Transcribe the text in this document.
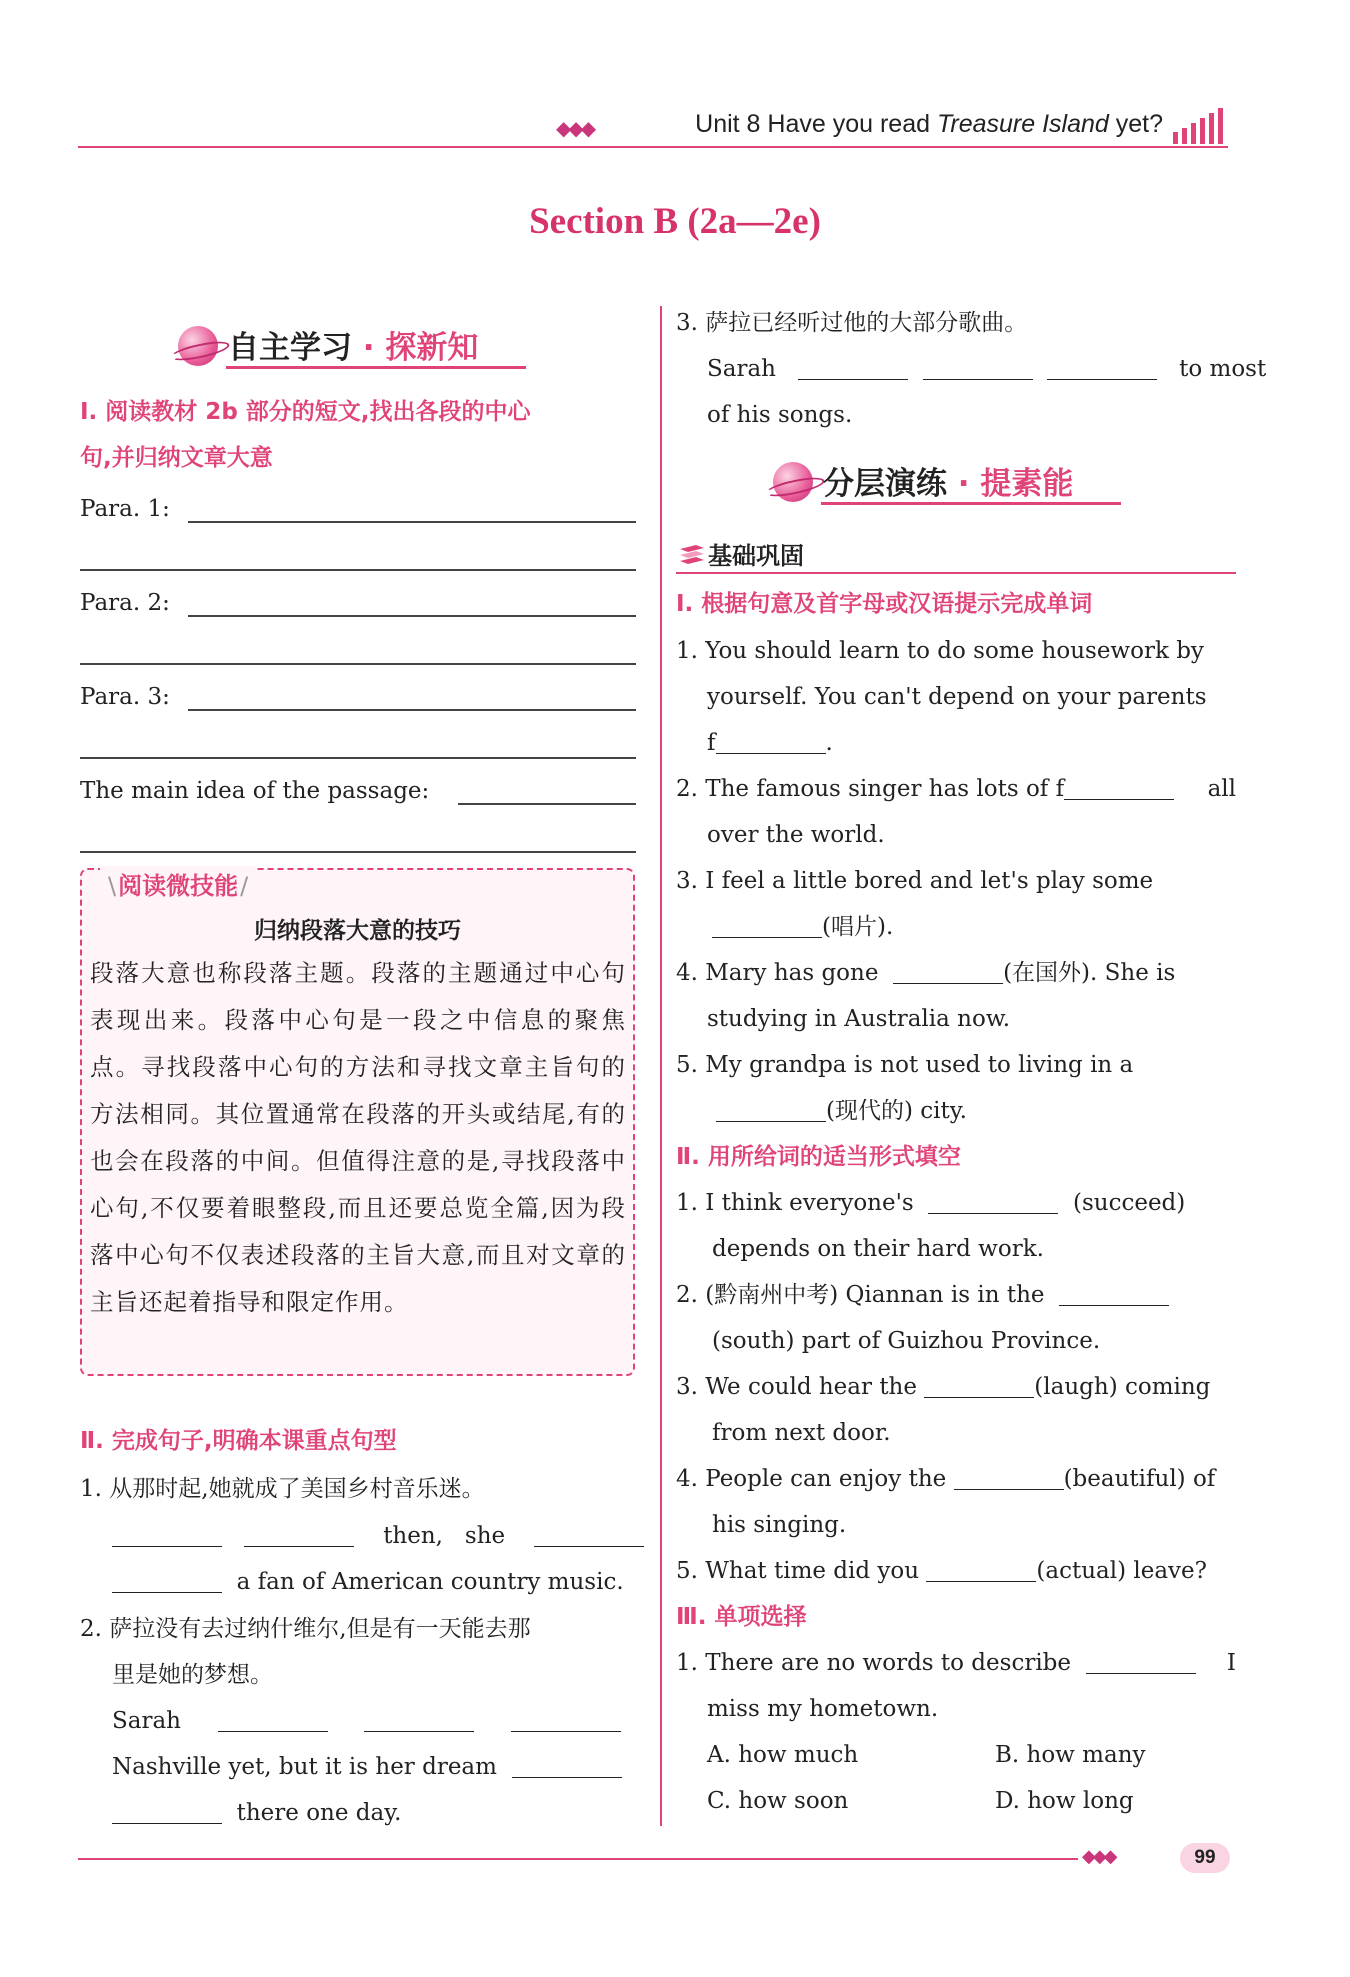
◆◆◆	Unit 8 Have you read Treasure Island yet?
Section B (2a—2e)
自主学习 · 探新知
Ⅰ. 阅读教材 2b 部分的短文,找出各段的中心
句,并归纳文章大意
Para. 1:
Para. 2:
Para. 3:
The main idea of the passage:
\ 阅读微技能 /
归纳段落大意的技巧
段落大意也称段落主题。段落的主题通过中心句表现出来。段落中心句是一段之中信息的聚焦点。寻找段落中心句的方法和寻找文章主旨句的方法相同。其位置通常在段落的开头或结尾,有的也会在段落的中间。但值得注意的是,寻找段落中心句,不仅要着眼整段,而且还要总览全篇,因为段落中心句不仅表述段落的主旨大意,而且对文章的主旨还起着指导和限定作用。
Ⅱ. 完成句子,明确本课重点句型
1. 从那时起,她就成了美国乡村音乐迷。
then, she
a fan of American country music.
2. 萨拉没有去过纳什维尔,但是有一天能去那
里是她的梦想。
Sarah
Nashville yet, but it is her dream
there one day.
3. 萨拉已经听过他的大部分歌曲。
Sarah	to most
of his songs.
分层演练 · 提素能
基础巩固
Ⅰ. 根据句意及首字母或汉语提示完成单词
1. You should learn to do some housework by
yourself. You can't depend on your parents
f	.
2. The famous singer has lots of f	all
over the world.
3. I feel a little bored and let's play some
(唱片).
4. Mary has gone	(在国外). She is
studying in Australia now.
5. My grandpa is not used to living in a
(现代的) city.
Ⅱ. 用所给词的适当形式填空
1. I think everyone's	(succeed)
depends on their hard work.
2. (黔南州中考) Qiannan is in the
(south) part of Guizhou Province.
3. We could hear the	(laugh) coming
from next door.
4. People can enjoy the	(beautiful) of
his singing.
5. What time did you	(actual) leave?
Ⅲ. 单项选择
1. There are no words to describe	I
miss my hometown.
A. how much	B. how many
C. how soon	D. how long
◆◆◆	99
